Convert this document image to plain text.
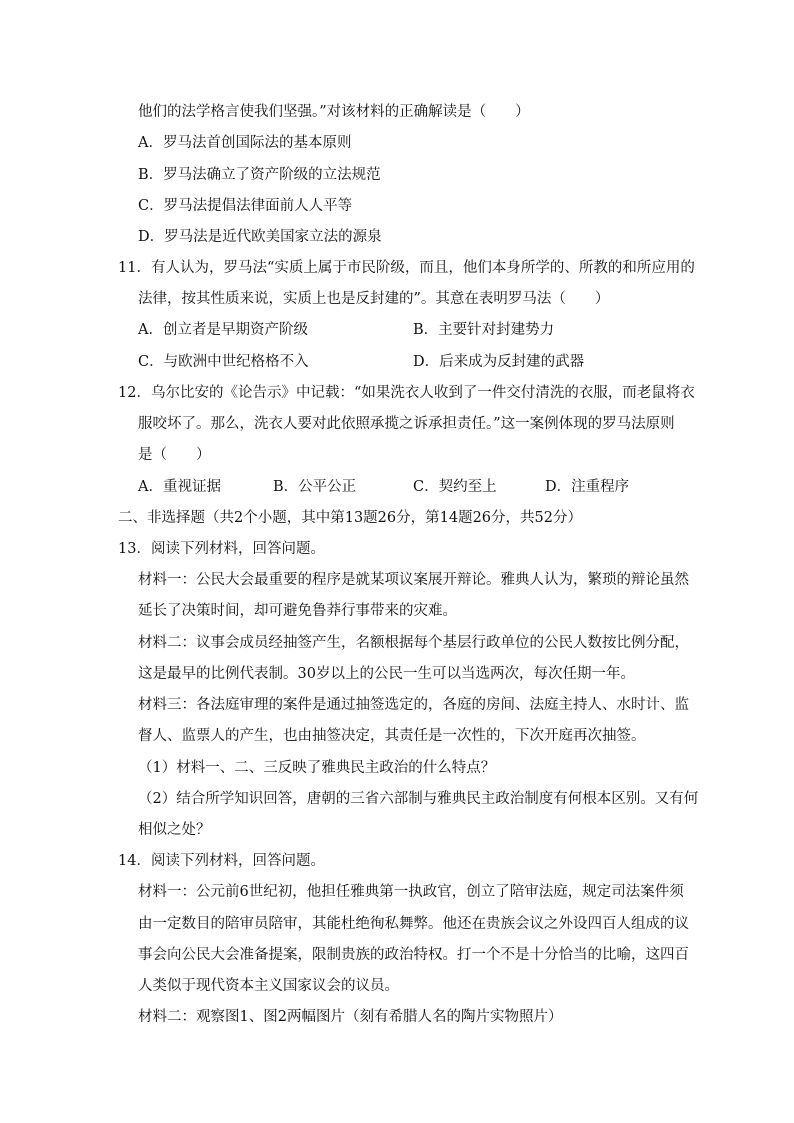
他们的法学格言使我们坚强。”对该材料的正确解读是（　　）
A．罗马法首创国际法的基本原则
B．罗马法确立了资产阶级的立法规范
C．罗马法提倡法律面前人人平等
D．罗马法是近代欧美国家立法的源泉
11．有人认为，罗马法“实质上属于市民阶级，而且，他们本身所学的、所教的和所应用的
法律，按其性质来说，实质上也是反封建的”。其意在表明罗马法（　　）
A．创立者是早期资产阶级	B．主要针对封建势力
C．与欧洲中世纪格格不入	D．后来成为反封建的武器
12．乌尔比安的《论告示》中记载：“如果洗衣人收到了一件交付清洗的衣服，而老鼠将衣
服咬坏了。那么，洗衣人要对此依照承揽之诉承担责任。”这一案例体现的罗马法原则
是（　　）
A．重视证据	B．公平公正	C．契约至上	D．注重程序
二、非选择题（共2个小题，其中第13题26分，第14题26分，共52分）
13．阅读下列材料，回答问题。
材料一：公民大会最重要的程序是就某项议案展开辩论。雅典人认为，繁琐的辩论虽然
延长了决策时间，却可避免鲁莽行事带来的灾难。
材料二：议事会成员经抽签产生，名额根据每个基层行政单位的公民人数按比例分配，
这是最早的比例代表制。30岁以上的公民一生可以当选两次，每次任期一年。
材料三：各法庭审理的案件是通过抽签选定的，各庭的房间、法庭主持人、水时计、监
督人、监票人的产生，也由抽签决定，其责任是一次性的，下次开庭再次抽签。
（1）材料一、二、三反映了雅典民主政治的什么特点？
（2）结合所学知识回答，唐朝的三省六部制与雅典民主政治制度有何根本区别。又有何
相似之处？
14．阅读下列材料，回答问题。
材料一：公元前6世纪初，他担任雅典第一执政官，创立了陪审法庭，规定司法案件须
由一定数目的陪审员陪审，其能杜绝徇私舞弊。他还在贵族会议之外设四百人组成的议
事会向公民大会准备提案，限制贵族的政治特权。打一个不是十分恰当的比喻，这四百
人类似于现代资本主义国家议会的议员。
材料二：观察图1、图2两幅图片（刻有希腊人名的陶片实物照片）
